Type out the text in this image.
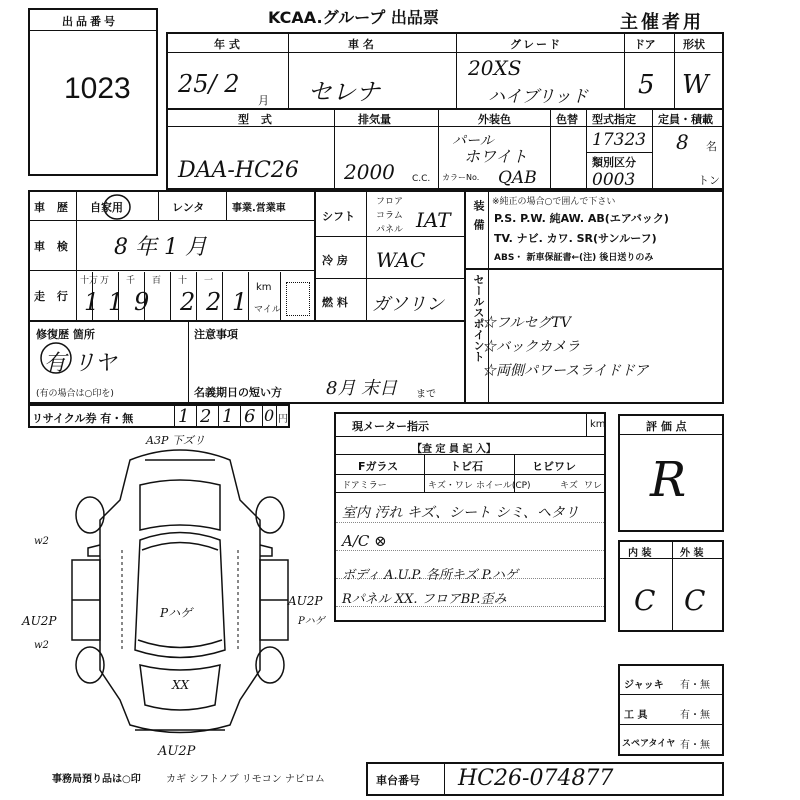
出品番号
1023
KCAA.グループ 出品票	主催者用
年 式
25/ 2
月
車 名
セレナ
グレード
20XS
ハイブリッド
ドア
5
形状
W
型 式
DAA-HC26
排気量
2000 C.C.
外装色
パール
ホワイト
色替
カラーNo. QAB
型式指定
17323
類別区分
0003
定員・積載
8 名
トン
車 歴 自家用	レンタ	事業.営業車
車 検 8 年 1 月
走 行
十万 万 千 百 十 一
1 1 9 2 2 1
km
マイル
修復歴 箇所
有 リヤ
(有の場合は○印を)
注意事項
名義期日の短い方 8月 末日 まで
シフト
フロア
コラム
パネル IAT
冷 房 WAC
燃 料 ガソリン
装 備 ※純正の場合○で囲んで下さい
P.S. P.W. 純AW. AB(エアバック)
TV. ナビ. カワ. SR(サンルーフ)
ABS・ 新車保証書←(注) 後日送りのみ
セールスポイント
☆フルセグTV
☆バックカメラ
☆両側パワースライドドア
リサイクル券 有・無 1 2 1 6 0 円
現メーター指示	km
【査 定 員 記 入】
Fガラス	トビ石	ヒビワレ
ドアミラー	キズ・ワレ ホイール(CP)	キズ ワレ
室内 汚れ キズ、シート シミ、ヘタリ
A/C ⊗
ボディ A.U.P. 各所キズ P.ハゲ
Rパネル XX. フロアBP.歪み
評 価 点
R
内 装	外 装
C C
ジャッキ 有・無
工 具	有・無
スペアタイヤ 有・無
A3P 下ズリ
w2
AU2P
w2
Pハゲ
AU2P
Pハゲ
XX
AU2P
事務局預り品は○印	カギ シフトノブ リモコン ナビロム	車台番号 HC26-074877
